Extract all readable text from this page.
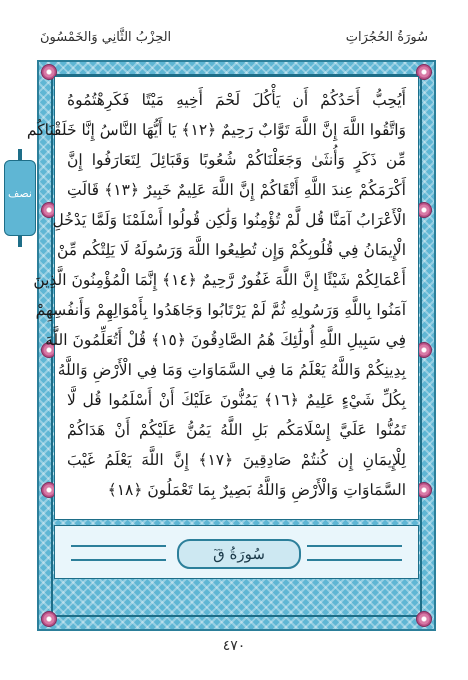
الحِزْبُ الثَّانِي وَالخَمْسُونَ	سُورَةُ الحُجُرَاتِ
نصف
أَيُحِبُّ أَحَدُكُمْ أَن يَأْكُلَ لَحْمَ أَخِيهِ مَيْتًا فَكَرِهْتُمُوهُ
وَاتَّقُوا اللَّهَ إِنَّ اللَّهَ تَوَّابٌ رَحِيمٌ ﴿١٢﴾ يَا أَيُّهَا النَّاسُ إِنَّا خَلَقْنَاكُم
مِّن ذَكَرٍ وَأُنثَىٰ وَجَعَلْنَاكُمْ شُعُوبًا وَقَبَائِلَ لِتَعَارَفُوا إِنَّ
أَكْرَمَكُمْ عِندَ اللَّهِ أَتْقَاكُمْ إِنَّ اللَّهَ عَلِيمٌ خَبِيرٌ ﴿١٣﴾ قَالَتِ
الْأَعْرَابُ آمَنَّا قُل لَّمْ تُؤْمِنُوا وَلَٰكِن قُولُوا أَسْلَمْنَا وَلَمَّا يَدْخُلِ
الْإِيمَانُ فِي قُلُوبِكُمْ وَإِن تُطِيعُوا اللَّهَ وَرَسُولَهُ لَا يَلِتْكُم مِّنْ
أَعْمَالِكُمْ شَيْئًا إِنَّ اللَّهَ غَفُورٌ رَّحِيمٌ ﴿١٤﴾ إِنَّمَا الْمُؤْمِنُونَ الَّذِينَ
آمَنُوا بِاللَّهِ وَرَسُولِهِ ثُمَّ لَمْ يَرْتَابُوا وَجَاهَدُوا بِأَمْوَالِهِمْ وَأَنفُسِهِمْ
فِي سَبِيلِ اللَّهِ أُولَٰئِكَ هُمُ الصَّادِقُونَ ﴿١٥﴾ قُلْ أَتُعَلِّمُونَ اللَّهَ
بِدِينِكُمْ وَاللَّهُ يَعْلَمُ مَا فِي السَّمَاوَاتِ وَمَا فِي الْأَرْضِ وَاللَّهُ
بِكُلِّ شَيْءٍ عَلِيمٌ ﴿١٦﴾ يَمُنُّونَ عَلَيْكَ أَنْ أَسْلَمُوا قُل لَّا
تَمُنُّوا عَلَيَّ إِسْلَامَكُم بَلِ اللَّهُ يَمُنُّ عَلَيْكُمْ أَنْ هَدَاكُمْ
لِلْإِيمَانِ إِن كُنتُمْ صَادِقِينَ ﴿١٧﴾ إِنَّ اللَّهَ يَعْلَمُ غَيْبَ
السَّمَاوَاتِ وَالْأَرْضِ وَاللَّهُ بَصِيرٌ بِمَا تَعْمَلُونَ ﴿١٨﴾
سُورَةُ قٓ
٤٧٠
